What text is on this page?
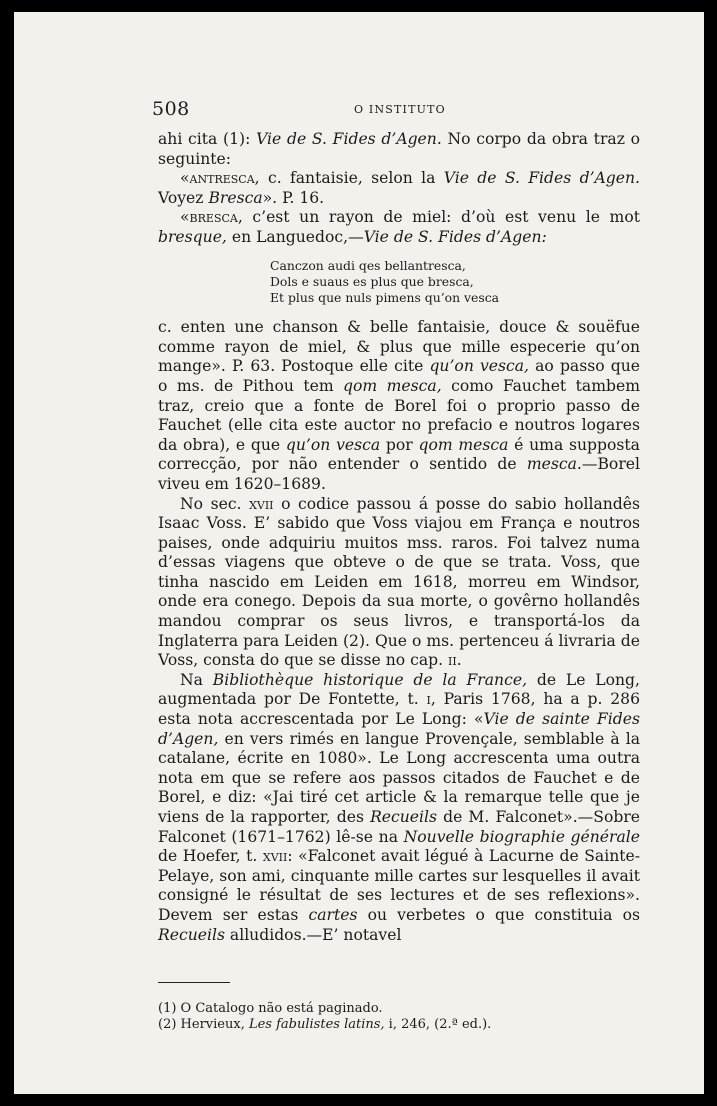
508	O INSTITUTO

ahi cita (1): Vie de S. Fides d’Agen. No corpo da obra traz o seguinte:

«antresca, c. fantaisie, selon la Vie de S. Fides d’Agen. Voyez Bresca». P. 16.

«bresca, c’est un rayon de miel: d’où est venu le mot bresque, en Languedoc,—Vie de S. Fides d’Agen:

Canczon audi qes bellantresca,
Dols e suaus es plus que bresca,
Et plus que nuls pimens qu’on vesca

c. enten une chanson & belle fantaisie, douce & souëfue comme rayon de miel, & plus que mille especerie qu’on mange». P. 63. Postoque elle cite qu’on vesca, ao passo que o ms. de Pithou tem qom mesca, como Fauchet tambem traz, creio que a fonte de Borel foi o proprio passo de Fauchet (elle cita este auctor no prefacio e noutros logares da obra), e que qu’on vesca por qom mesca é uma supposta correcção, por não entender o sentido de mesca.—Borel viveu em 1620–1689.

No sec. xvii o codice passou á posse do sabio hollandês Isaac Voss. E’ sabido que Voss viajou em França e noutros paises, onde adquiriu muitos mss. raros. Foi talvez numa d’essas viagens que obteve o de que se trata. Voss, que tinha nascido em Leiden em 1618, morreu em Windsor, onde era conego. Depois da sua morte, o govêrno hollandês mandou comprar os seus livros, e transportá-los da Inglaterra para Leiden (2). Que o ms. pertenceu á livraria de Voss, consta do que se disse no cap. ii.

Na Bibliothèque historique de la France, de Le Long, augmentada por De Fontette, t. i, Paris 1768, ha a p. 286 esta nota accrescentada por Le Long: «Vie de sainte Fides d’Agen, en vers rimés en langue Provençale, semblable à la catalane, écrite en 1080». Le Long accrescenta uma outra nota em que se refere aos passos citados de Fauchet e de Borel, e diz: «Jai tiré cet article & la remarque telle que je viens de la rapporter, des Recueils de M. Falconet».—Sobre Falconet (1671–1762) lê-se na Nouvelle biographie générale de Hoefer, t. xvii: «Falconet avait légué à Lacurne de Sainte-Pelaye, son ami, cinquante mille cartes sur lesquelles il avait consigné le résultat de ses lectures et de ses reflexions». Devem ser estas cartes ou verbetes o que constituia os Recueils alludidos.—E’ notavel

(1) O Catalogo não está paginado.

(2) Hervieux, Les fabulistes latins, i, 246, (2.ª ed.).
